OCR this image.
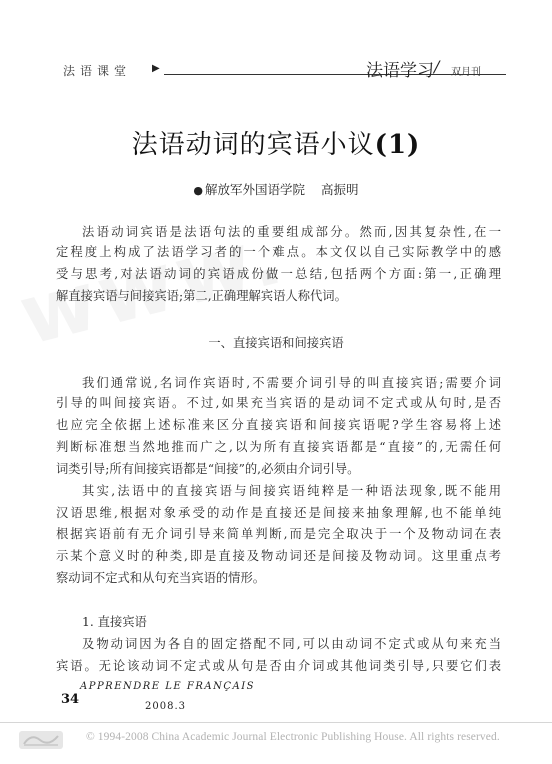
法语课堂 ▶	法语学习 / 双月刊
法语动词的宾语小议(1)
● 解放军外国语学院 高振明
法语动词宾语是法语句法的重要组成部分。然而,因其复杂性,在一
定程度上构成了法语学习者的一个难点。本文仅以自己实际教学中的感
受与思考,对法语动词的宾语成份做一总结,包括两个方面:第一,正确理
解直接宾语与间接宾语;第二,正确理解宾语人称代词。
一、直接宾语和间接宾语
我们通常说,名词作宾语时,不需要介词引导的叫直接宾语;需要介词
引导的叫间接宾语。不过,如果充当宾语的是动词不定式或从句时,是否
也应完全依据上述标准来区分直接宾语和间接宾语呢?学生容易将上述
判断标准想当然地推而广之,以为所有直接宾语都是“直接”的,无需任何
词类引导;所有间接宾语都是“间接”的,必须由介词引导。
其实,法语中的直接宾语与间接宾语纯粹是一种语法现象,既不能用
汉语思维,根据对象承受的动作是直接还是间接来抽象理解,也不能单纯
根据宾语前有无介词引导来简单判断,而是完全取决于一个及物动词在表
示某个意义时的种类,即是直接及物动词还是间接及物动词。这里重点考
察动词不定式和从句充当宾语的情形。
1. 直接宾语
及物动词因为各自的固定搭配不同,可以由动词不定式或从句来充当
宾语。无论该动词不定式或从句是否由介词或其他词类引导,只要它们表
34
APPRENDRE LE FRANÇAIS
2008.3
© 1994-2008 China Academic Journal Electronic Publishing House. All rights reserved.
